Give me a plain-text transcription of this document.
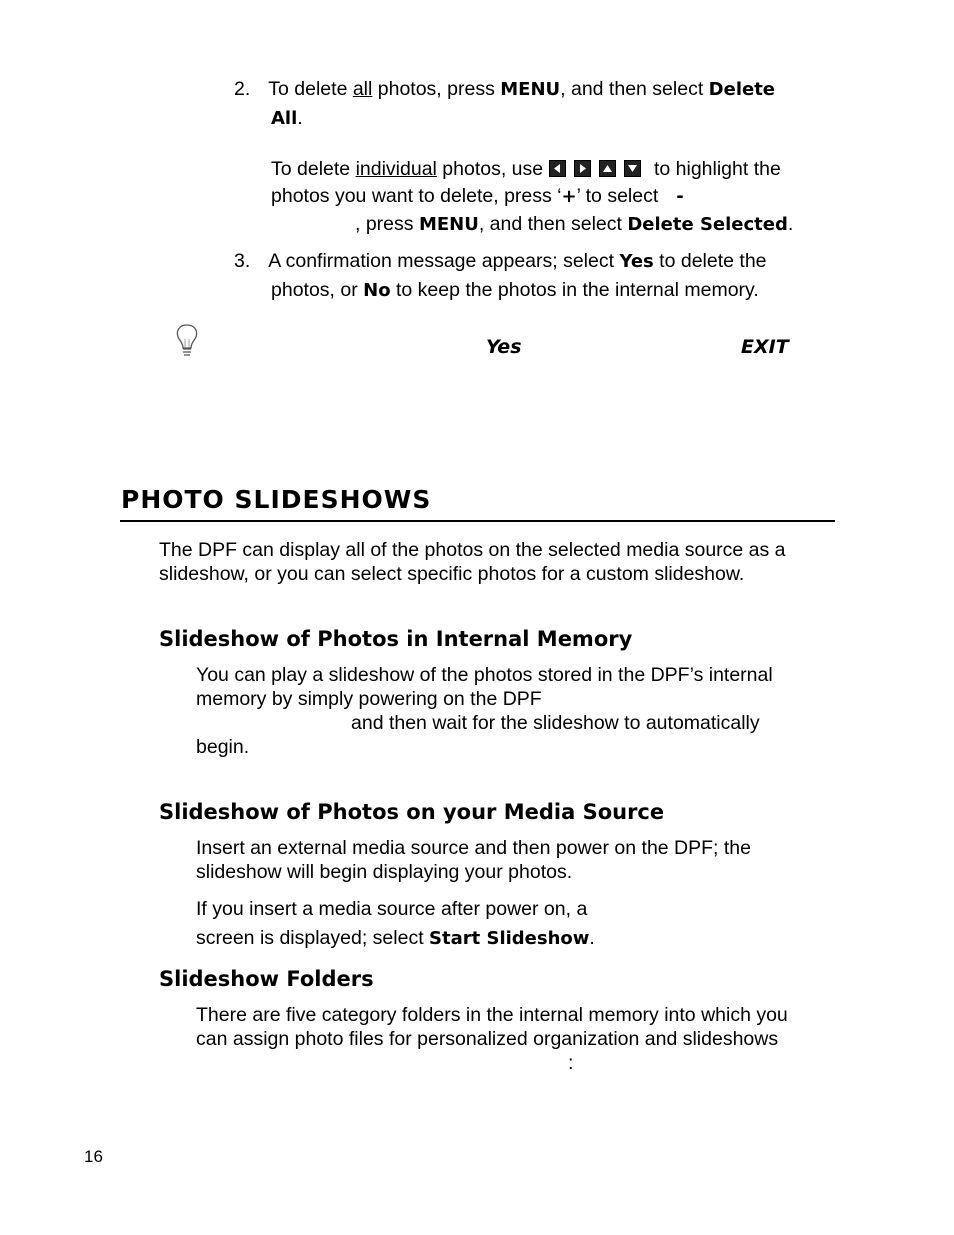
2. To delete all photos, press MENU, and then select Delete
All.
To delete individual photos, use	to highlight the
photos you want to delete, press ‘+’ to select -
, press MENU, and then select Delete Selected.
3. A confirmation message appears; select Yes to delete the
photos, or No to keep the photos in the internal memory.
Yes	EXIT
PHOTO SLIDESHOWS
The DPF can display all of the photos on the selected media source as a
slideshow, or you can select specific photos for a custom slideshow.
Slideshow of Photos in Internal Memory
You can play a slideshow of the photos stored in the DPF’s internal
memory by simply powering on the DPF
and then wait for the slideshow to automatically
begin.
Slideshow of Photos on your Media Source
Insert an external media source and then power on the DPF; the
slideshow will begin displaying your photos.
If you insert a media source after power on, a
screen is displayed; select Start Slideshow.
Slideshow Folders
There are five category folders in the internal memory into which you
can assign photo files for personalized organization and slideshows
:
16
